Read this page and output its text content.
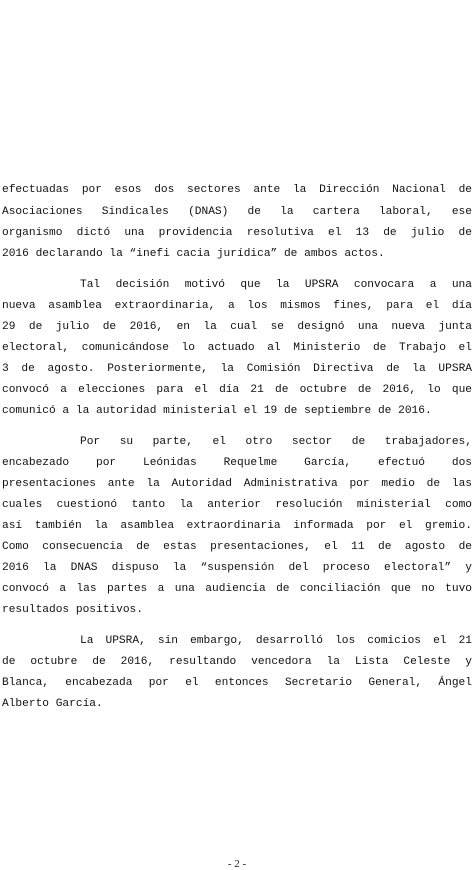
efectuadas por esos dos sectores ante la Dirección Nacional de
Asociaciones Sindicales (DNAS) de la cartera laboral, ese
organismo dictó una providencia resolutiva el 13 de julio de
2016 declarando la “inefi cacia jurídica” de ambos actos.
Tal decisión motivó que la UPSRA convocara a una
nueva asamblea extraordinaria, a los mismos fines, para el día
29 de julio de 2016, en la cual se designó una nueva junta
electoral, comunicándose lo actuado al Ministerio de Trabajo el
3 de agosto. Posteriormente, la Comisión Directiva de la UPSRA
convocó a elecciones para el día 21 de octubre de 2016, lo que
comunicó a la autoridad ministerial el 19 de septiembre de 2016.
Por su parte, el otro sector de trabajadores,
encabezado por Leónidas Requelme García, efectuó dos
presentaciones ante la Autoridad Administrativa por medio de las
cuales cuestionó tanto la anterior resolución ministerial como
así también la asamblea extraordinaria informada por el gremio.
Como consecuencia de estas presentaciones, el 11 de agosto de
2016 la DNAS dispuso la “suspensión del proceso electoral” y
convocó a las partes a una audiencia de conciliación que no tuvo
resultados positivos.
La UPSRA, sin embargo, desarrolló los comicios el 21
de octubre de 2016, resultando vencedora la Lista Celeste y
Blanca, encabezada por el entonces Secretario General, Ángel
Alberto García.
- 2 -
